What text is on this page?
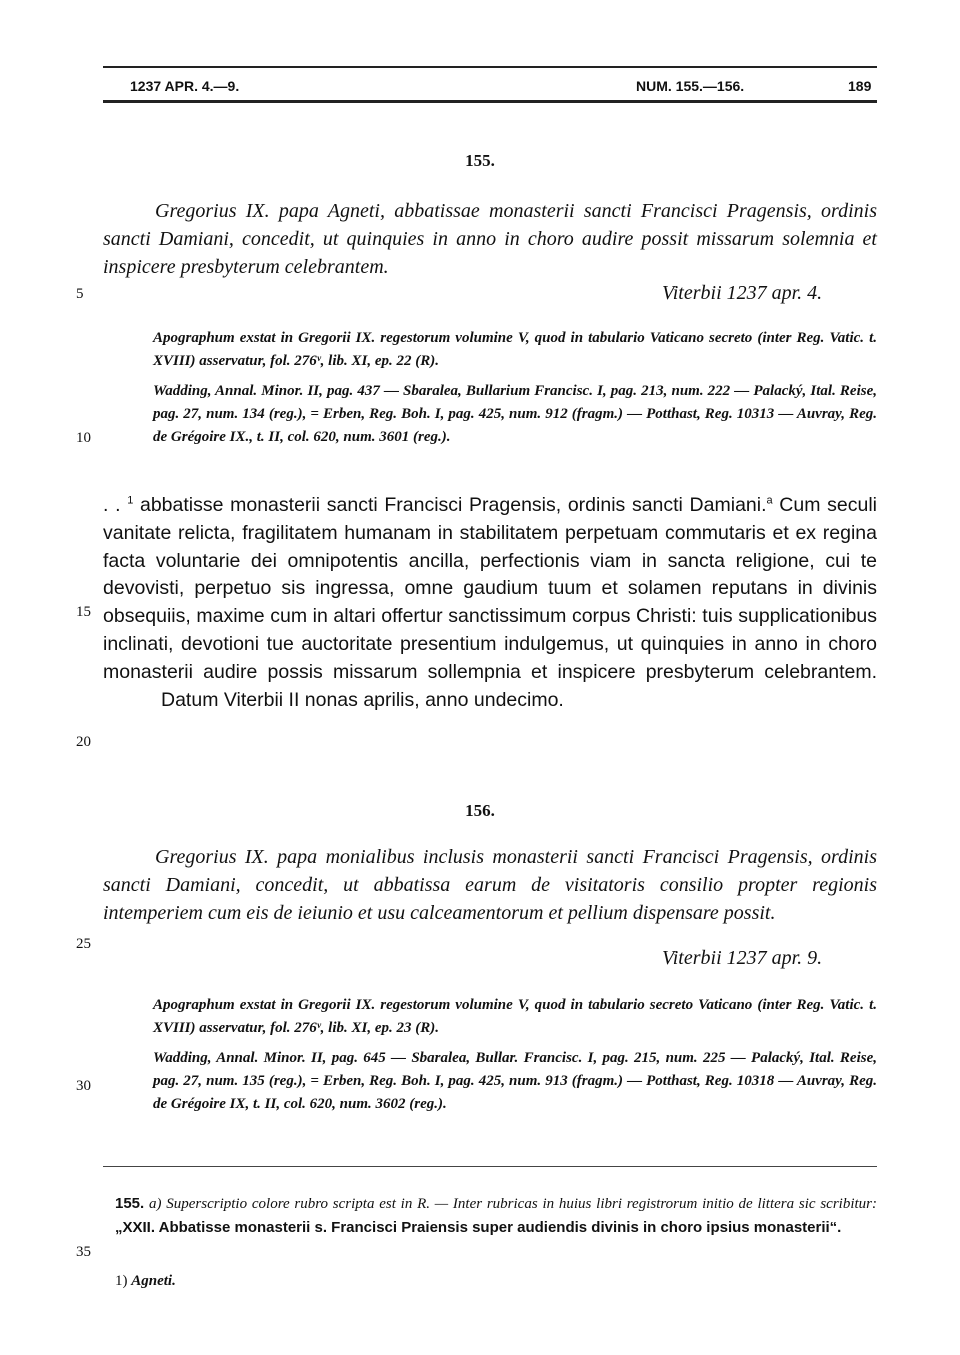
1237 APR. 4.—9.	NUM. 155.—156.	189
155.
Gregorius IX. papa Agneti, abbatissae monasterii sancti Francisci Pragensis, ordinis sancti Damiani, concedit, ut quinquies in anno in choro audire possit missarum solemnia et inspicere presbyterum celebrantem.
Viterbii 1237 apr. 4.
Apographum exstat in Gregorii IX. regestorum volumine V, quod in tabulario Vaticano secreto (inter Reg. Vatic. t. XVIII) asservatur, fol. 276ᵛ, lib. XI, ep. 22 (R).
Wadding, Annal. Minor. II, pag. 437 — Sbaralea, Bullarium Francisc. I, pag. 213, num. 222 — Palacký, Ital. Reise, pag. 27, num. 134 (reg.), = Erben, Reg. Boh. I, pag. 425, num. 912 (fragm.) — Potthast, Reg. 10313 — Auvray, Reg. de Grégoire IX., t. II, col. 620, num. 3601 (reg.).
. . $^1$ abbatisse monasterii sancti Francisci Pragensis, ordinis sancti Damiani.$^a$ Cum seculi vanitate relicta, fragilitatem humanam in stabilitatem perpetuam commutaris et ex regina facta voluntarie dei omnipotentis ancilla, perfectionis viam in sancta religione, cui te devovisti, perpetuo sis ingressa, omne gaudium tuum et solamen reputans in divinis obsequiis, maxime cum in altari offertur sanctissimum corpus Christi: tuis supplicationibus inclinati, devotioni tue auctoritate presentium indulgemus, ut quinquies in anno in choro monasterii audire possis missarum sollempnia et inspicere presbyterum celebrantem. Datum Viterbii II nonas aprilis, anno undecimo.
156.
Gregorius IX. papa monialibus inclusis monasterii sancti Francisci Pragensis, ordinis sancti Damiani, concedit, ut abbatissa earum de visitatoris consilio propter regionis intemperiem cum eis de ieiunio et usu calceamentorum et pellium dispensare possit.
Viterbii 1237 apr. 9.
Apographum exstat in Gregorii IX. regestorum volumine V, quod in tabulario secreto Vaticano (inter Reg. Vatic. t. XVIII) asservatur, fol. 276ᵛ, lib. XI, ep. 23 (R).
Wadding, Annal. Minor. II, pag. 645 — Sbaralea, Bullar. Francisc. I, pag. 215, num. 225 — Palacký, Ital. Reise, pag. 27, num. 135 (reg.), = Erben, Reg. Boh. I, pag. 425, num. 913 (fragm.) — Potthast, Reg. 10318 — Auvray, Reg. de Grégoire IX, t. II, col. 620, num. 3602 (reg.).
155. a) Superscriptio colore rubro scripta est in R. — Inter rubricas in huius libri registrorum initio de littera sic scribitur: „XXII. Abbatisse monasterii s. Francisci Praiensis super audiendis divinis in choro ipsius monasterii“.
1) Agneti.
5
10
15
20
25
30
35
